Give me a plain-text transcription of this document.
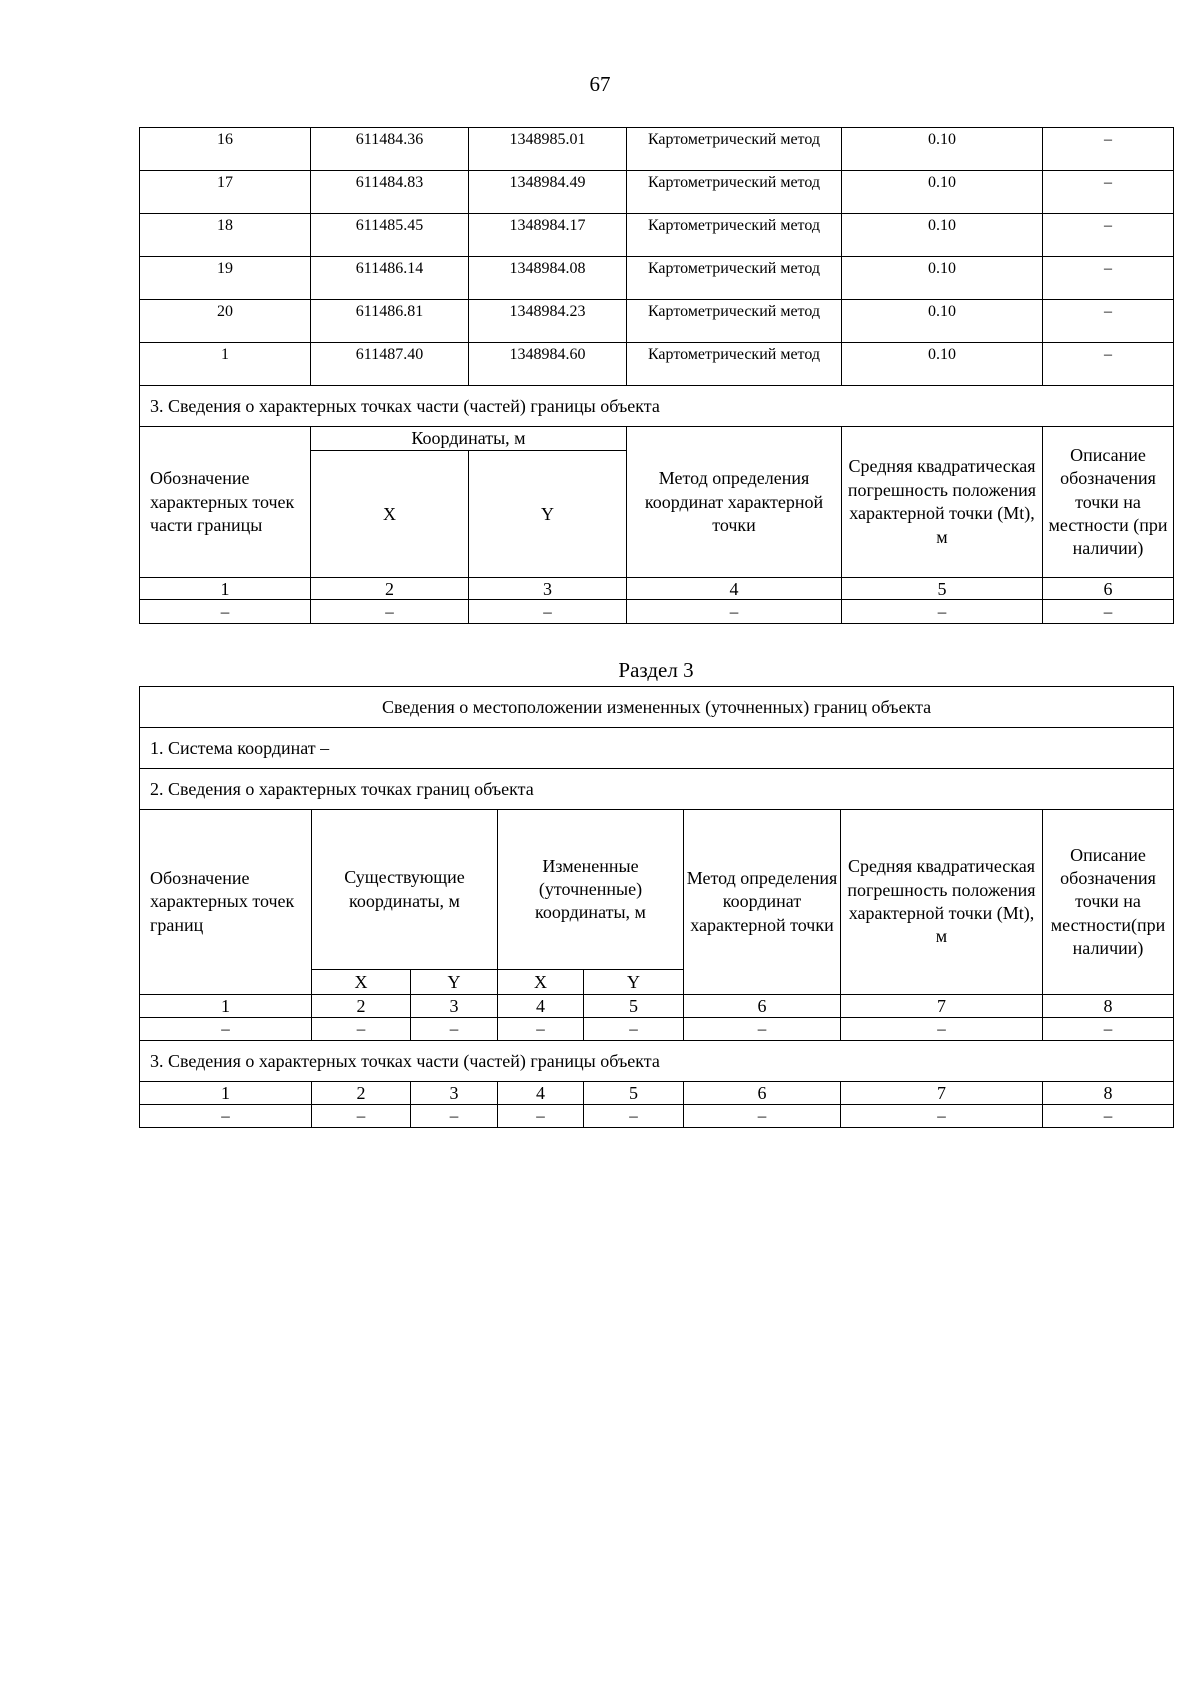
67
16	611484.36	1348985.01	Картометрический метод	0.10	–
17	611484.83	1348984.49	Картометрический метод	0.10	–
18	611485.45	1348984.17	Картометрический метод	0.10	–
19	611486.14	1348984.08	Картометрический метод	0.10	–
20	611486.81	1348984.23	Картометрический метод	0.10	–
1	611487.40	1348984.60	Картометрический метод	0.10	–
3. Сведения о характерных точках части (частей) границы объекта					
Обозначение характерных точек части границы	Координаты, м		Метод определения координат характерной точки	Средняя квадратическая погрешность положения характерной точки (Mt), м	Описание обозначения точки на местности (при наличии)
	X	Y			
1	2	3	4	5	6
–	–	–	–	–	–
Раздел 3
Сведения о местоположении измененных (уточненных) границ объекта							
1. Система координат –							
2. Сведения о характерных точках границ объекта							
Обозначение характерных точек границ	Существующие координаты, м		Измененные (уточненные) координаты, м		Метод определения координат характерной точки	Средняя квадратическая погрешность положения характерной точки (Mt), м	Описание обозначения точки на местности(при наличии)
	X	Y	X	Y			
1	2	3	4	5	6	7	8
–	–	–	–	–	–	–	–
3. Сведения о характерных точках части (частей) границы объекта							
1	2	3	4	5	6	7	8
–	–	–	–	–	–	–	–
